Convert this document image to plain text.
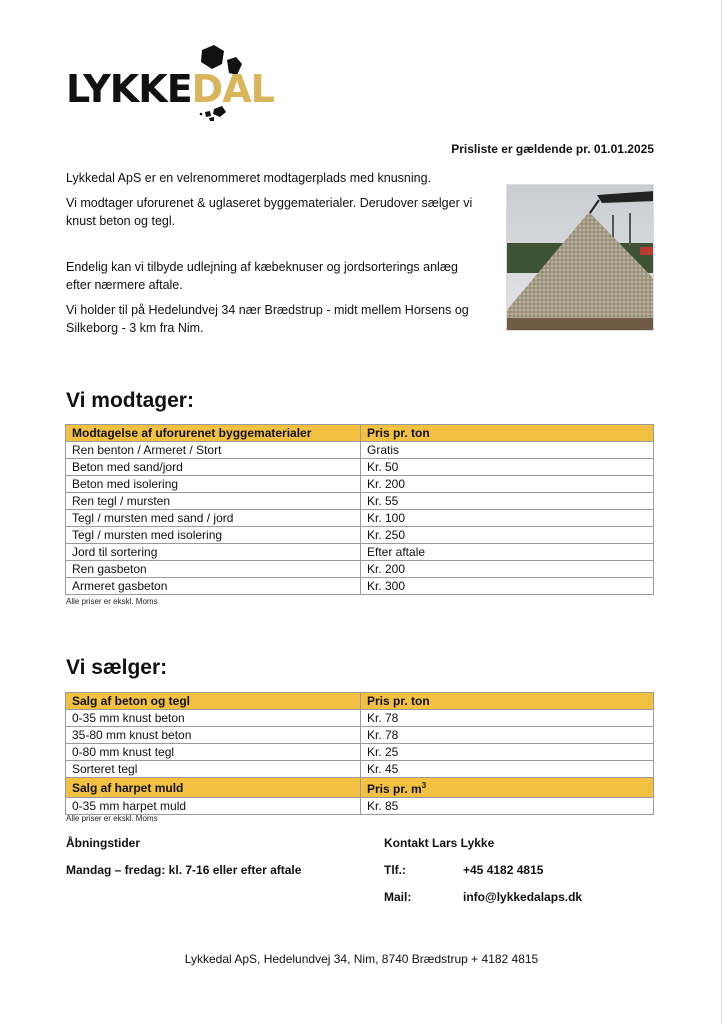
LYKKEDAL
Prisliste er gældende pr. 01.01.2025

Lykkedal ApS er en velrenommeret modtagerplads med knusning.

Vi modtager uforurenet & uglaseret byggematerialer. Derudover sælger vi knust beton og tegl.

Endelig kan vi tilbyde udlejning af kæbeknuser og jordsorterings anlæg efter nærmere aftale.

Vi holder til på Hedelundvej 34 nær Brædstrup - midt mellem Horsens og Silkeborg - 3 km fra Nim.

Vi modtager:
Modtagelse af uforurenet byggematerialer	Pris pr. ton
Ren benton / Armeret / Stort	Gratis
Beton med sand/jord	Kr. 50
Beton med isolering	Kr. 200
Ren tegl / mursten	Kr. 55
Tegl / mursten med sand / jord	Kr. 100
Tegl / mursten med isolering	Kr. 250
Jord til sortering	Efter aftale
Ren gasbeton	Kr. 200
Armeret gasbeton	Kr. 300
Alle priser er ekskl. Moms
Vi sælger:
Salg af beton og tegl	Pris pr. ton
0-35 mm knust beton	Kr. 78
35-80 mm knust beton	Kr. 78
0-80 mm knust tegl	Kr. 25
Sorteret tegl	Kr. 45
Salg af harpet muld	Pris pr. $m^3$
0-35 mm harpet muld	Kr. 85
Alle priser er ekskl. Moms
Åbningstider
Mandag – fredag: kl. 7-16 eller efter aftale
Kontakt Lars Lykke
Tlf.:	+45 4182 4815
Mail:	info@lykkedalaps.dk
Lykkedal ApS, Hedelundvej 34, Nim, 8740 Brædstrup + 4182 4815
